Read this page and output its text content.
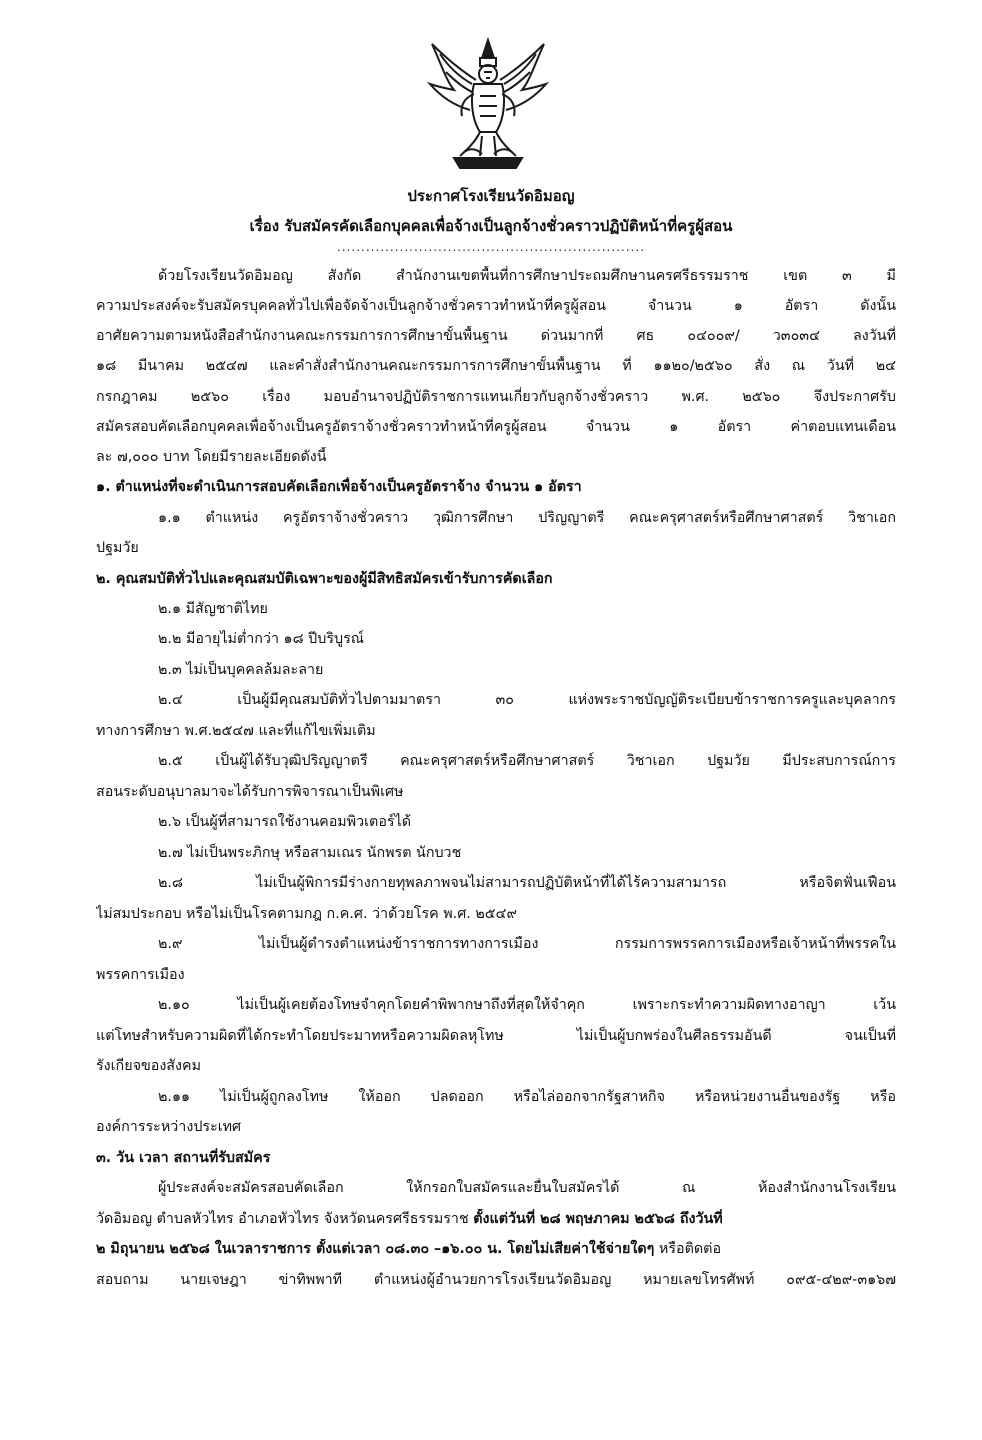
ประกาศโรงเรียนวัดอิมอญ
เรื่อง รับสมัครคัดเลือกบุคคลเพื่อจ้างเป็นลูกจ้างชั่วคราวปฏิบัติหน้าที่ครูผู้สอน
................................................................
ด้วยโรงเรียนวัดอิมอญ สังกัด สำนักงานเขตพื้นที่การศึกษาประถมศึกษานครศรีธรรมราช เขต ๓ มี
ความประสงค์จะรับสมัครบุคคลทั่วไปเพื่อจัดจ้างเป็นลูกจ้างชั่วคราวทำหน้าที่ครูผู้สอน จำนวน ๑ อัตรา ดังนั้น
อาศัยความตามหนังสือสำนักงานคณะกรรมการการศึกษาขั้นพื้นฐาน ด่วนมากที่ ศธ ๐๔๐๐๙/ ว๓๐๓๔ ลงวันที่
๑๘ มีนาคม ๒๕๔๗ และคำสั่งสำนักงานคณะกรรมการการศึกษาขั้นพื้นฐาน ที่ ๑๑๒๐/๒๕๖๐ สั่ง ณ วันที่ ๒๔
กรกฎาคม ๒๕๖๐ เรื่อง มอบอำนาจปฏิบัติราชการแทนเกี่ยวกับลูกจ้างชั่วคราว พ.ศ. ๒๕๖๐ จึงประกาศรับ
สมัครสอบคัดเลือกบุคคลเพื่อจ้างเป็นครูอัตราจ้างชั่วคราวทำหน้าที่ครูผู้สอน จำนวน ๑ อัตรา ค่าตอบแทนเดือน
ละ ๗,๐๐๐ บาท โดยมีรายละเอียดดังนี้
๑. ตำแหน่งที่จะดำเนินการสอบคัดเลือกเพื่อจ้างเป็นครูอัตราจ้าง จำนวน ๑ อัตรา
๑.๑ ตำแหน่ง ครูอัตราจ้างชั่วคราว วุฒิการศึกษา ปริญญาตรี คณะครุศาสตร์หรือศึกษาศาสตร์ วิชาเอก
ปฐมวัย
๒. คุณสมบัติทั่วไปและคุณสมบัติเฉพาะของผู้มีสิทธิสมัครเข้ารับการคัดเลือก
๒.๑ มีสัญชาติไทย
๒.๒ มีอายุไม่ต่ำกว่า ๑๘ ปีบริบูรณ์
๒.๓ ไม่เป็นบุคคลล้มละลาย
๒.๔ เป็นผู้มีคุณสมบัติทั่วไปตามมาตรา ๓๐ แห่งพระราชบัญญัติระเบียบข้าราชการครูและบุคลากร
ทางการศึกษา พ.ศ.๒๕๔๗ และที่แก้ไขเพิ่มเติม
๒.๕ เป็นผู้ได้รับวุฒิปริญญาตรี คณะครุศาสตร์หรือศึกษาศาสตร์ วิชาเอก ปฐมวัย มีประสบการณ์การ
สอนระดับอนุบาลมาจะได้รับการพิจารณาเป็นพิเศษ
๒.๖ เป็นผู้ที่สามารถใช้งานคอมพิวเตอร์ได้
๒.๗ ไม่เป็นพระภิกษุ หรือสามเณร นักพรต นักบวช
๒.๘ ไม่เป็นผู้พิการมีร่างกายทุพลภาพจนไม่สามารถปฏิบัติหน้าที่ได้ไร้ความสามารถ หรือจิตฟั่นเฟือน
ไม่สมประกอบ หรือไม่เป็นโรคตามกฎ ก.ค.ศ. ว่าด้วยโรค พ.ศ. ๒๕๔๙
๒.๙ ไม่เป็นผู้ดำรงตำแหน่งข้าราชการทางการเมือง กรรมการพรรคการเมืองหรือเจ้าหน้าที่พรรคใน
พรรคการเมือง
๒.๑๐ ไม่เป็นผู้เคยต้องโทษจำคุกโดยคำพิพากษาถึงที่สุดให้จำคุก เพราะกระทำความผิดทางอาญา เว้น
แต่โทษสำหรับความผิดที่ได้กระทำโดยประมาทหรือความผิดลหุโทษ ไม่เป็นผู้บกพร่องในศีลธรรมอันดี จนเป็นที่
รังเกียจของสังคม
๒.๑๑ ไม่เป็นผู้ถูกลงโทษ ให้ออก ปลดออก หรือไล่ออกจากรัฐสาหกิจ หรือหน่วยงานอื่นของรัฐ หรือ
องค์การระหว่างประเทศ
๓. วัน เวลา สถานที่รับสมัคร
ผู้ประสงค์จะสมัครสอบคัดเลือก ให้กรอกใบสมัครและยื่นใบสมัครได้ ณ ห้องสำนักงานโรงเรียน
วัดอิมอญ ตำบลหัวไทร อำเภอหัวไทร จังหวัดนครศรีธรรมราช ตั้งแต่วันที่ ๒๘ พฤษภาคม ๒๕๖๘ ถึงวันที่
๒ มิถุนายน ๒๕๖๘ ในเวลาราชการ ตั้งแต่เวลา ๐๘.๓๐ –๑๖.๐๐ น. โดยไม่เสียค่าใช้จ่ายใดๆ หรือติดต่อ
สอบถาม นายเจษฎา ข่าทิพพาที ตำแหน่งผู้อำนวยการโรงเรียนวัดอิมอญ หมายเลขโทรศัพท์ ๐๙๕-๔๒๙-๓๑๖๗
